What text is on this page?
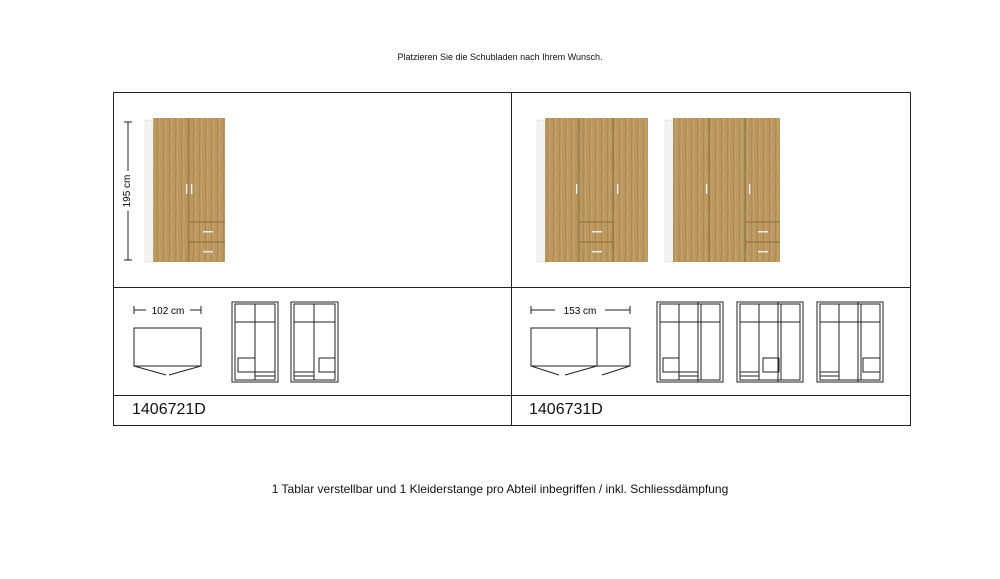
Platzieren Sie die Schubladen nach Ihrem Wunsch.
195 cm
102 cm	153 cm
1406721D	1406731D
1 Tablar verstellbar und 1 Kleiderstange pro Abteil inbegriffen / inkl. Schliessdämpfung
